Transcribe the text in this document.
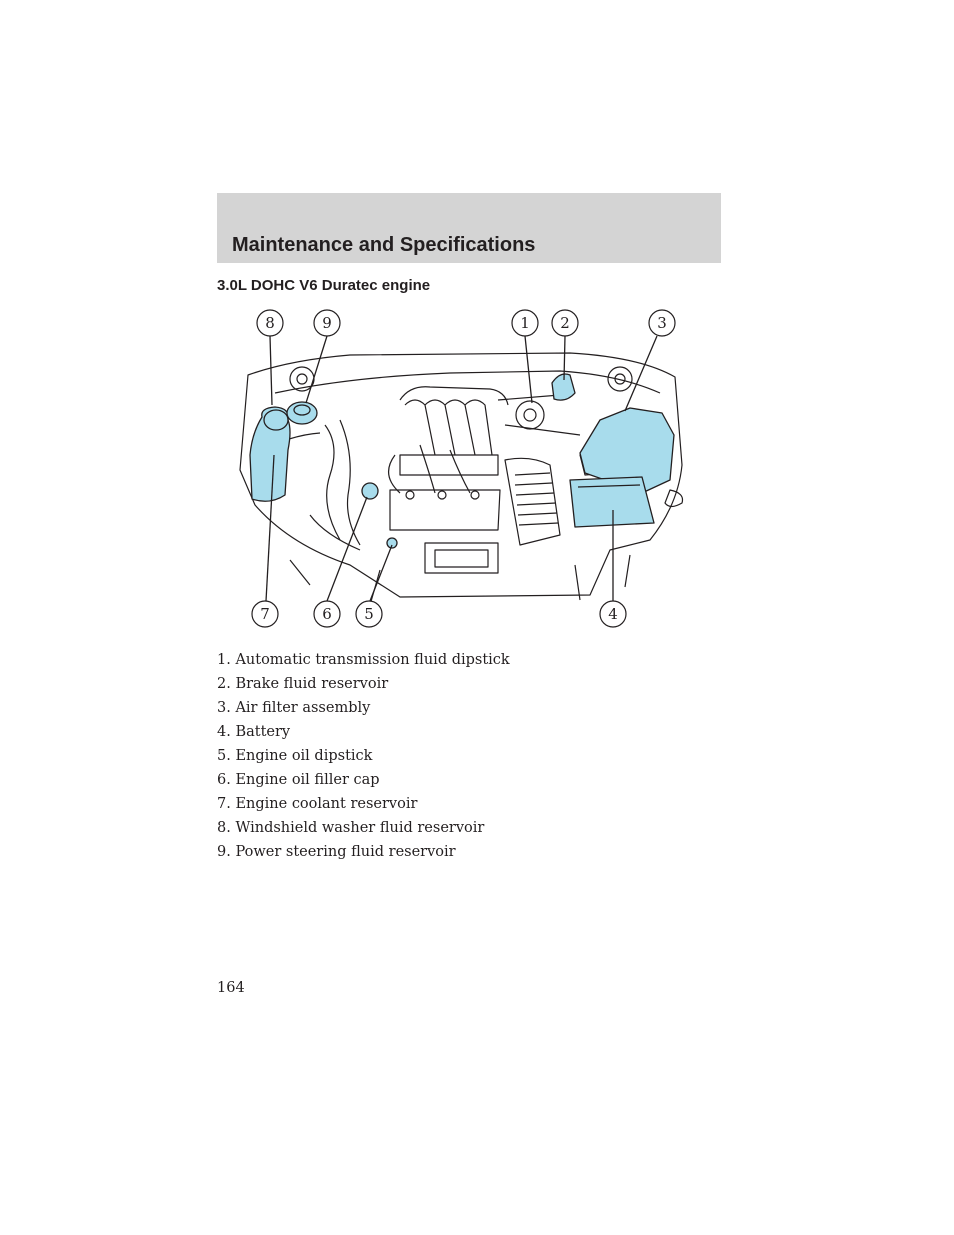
Maintenance and Specifications
3.0L DOHC V6 Duratec engine
8	9	1 2	3
7	6 5	4
1. Automatic transmission fluid dipstick
2. Brake fluid reservoir
3. Air filter assembly
4. Battery
5. Engine oil dipstick
6. Engine oil filler cap
7. Engine coolant reservoir
8. Windshield washer fluid reservoir
9. Power steering fluid reservoir
164
